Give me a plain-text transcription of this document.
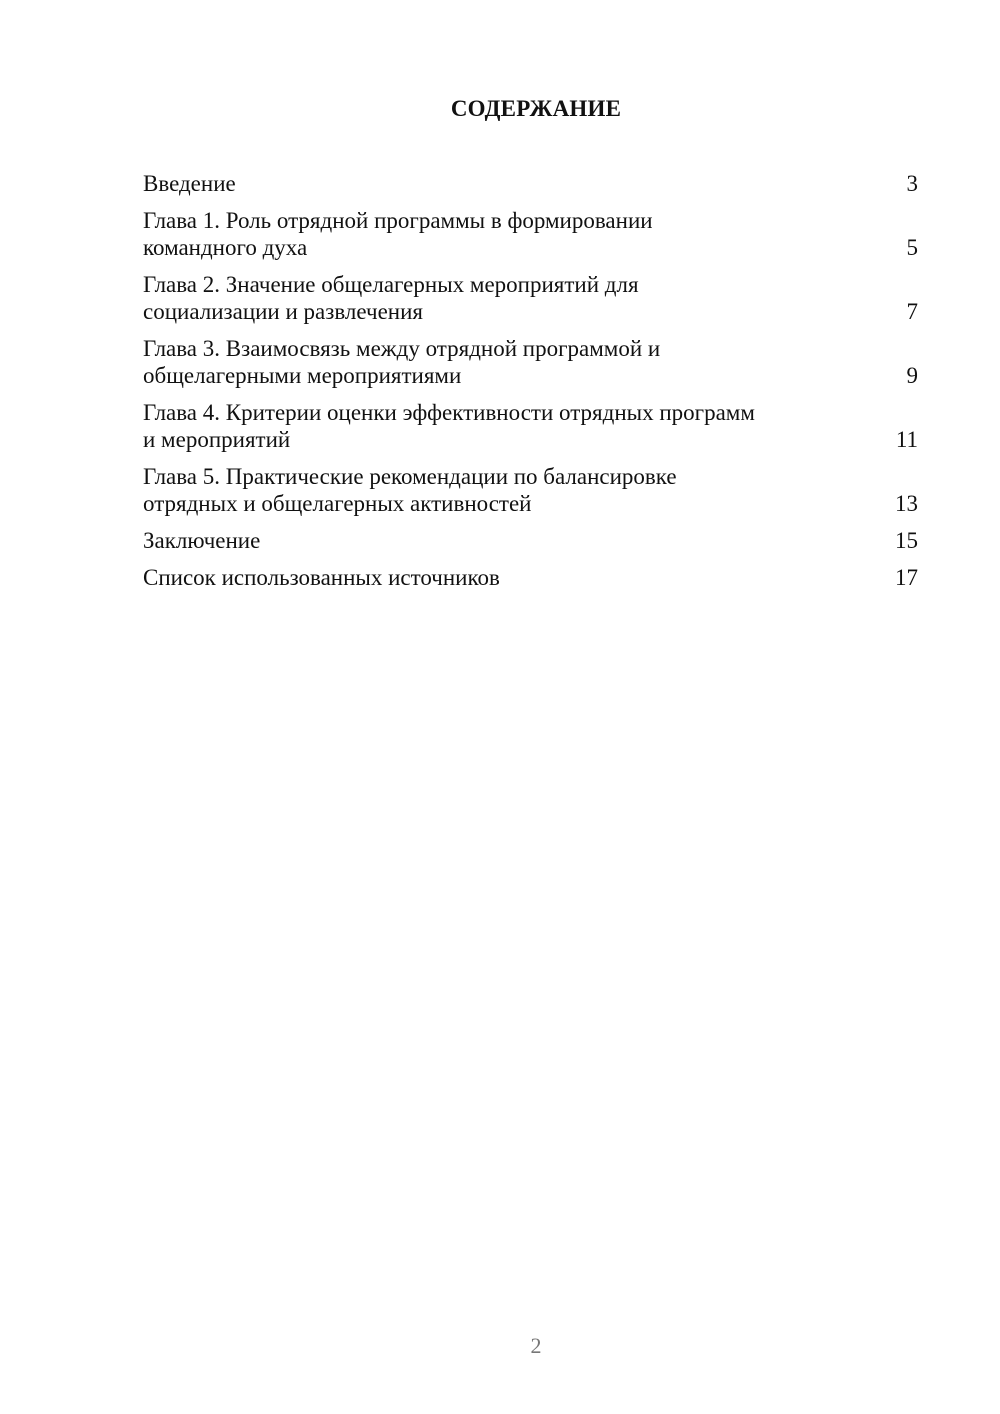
СОДЕРЖАНИЕ
Введение	3
Глава 1. Роль отрядной программы в формировании
командного духа	5
Глава 2. Значение общелагерных мероприятий для
социализации и развлечения	7
Глава 3. Взаимосвязь между отрядной программой и
общелагерными мероприятиями	9
Глава 4. Критерии оценки эффективности отрядных программ
и мероприятий	11
Глава 5. Практические рекомендации по балансировке
отрядных и общелагерных активностей	13
Заключение	15
Список использованных источников	17
2
